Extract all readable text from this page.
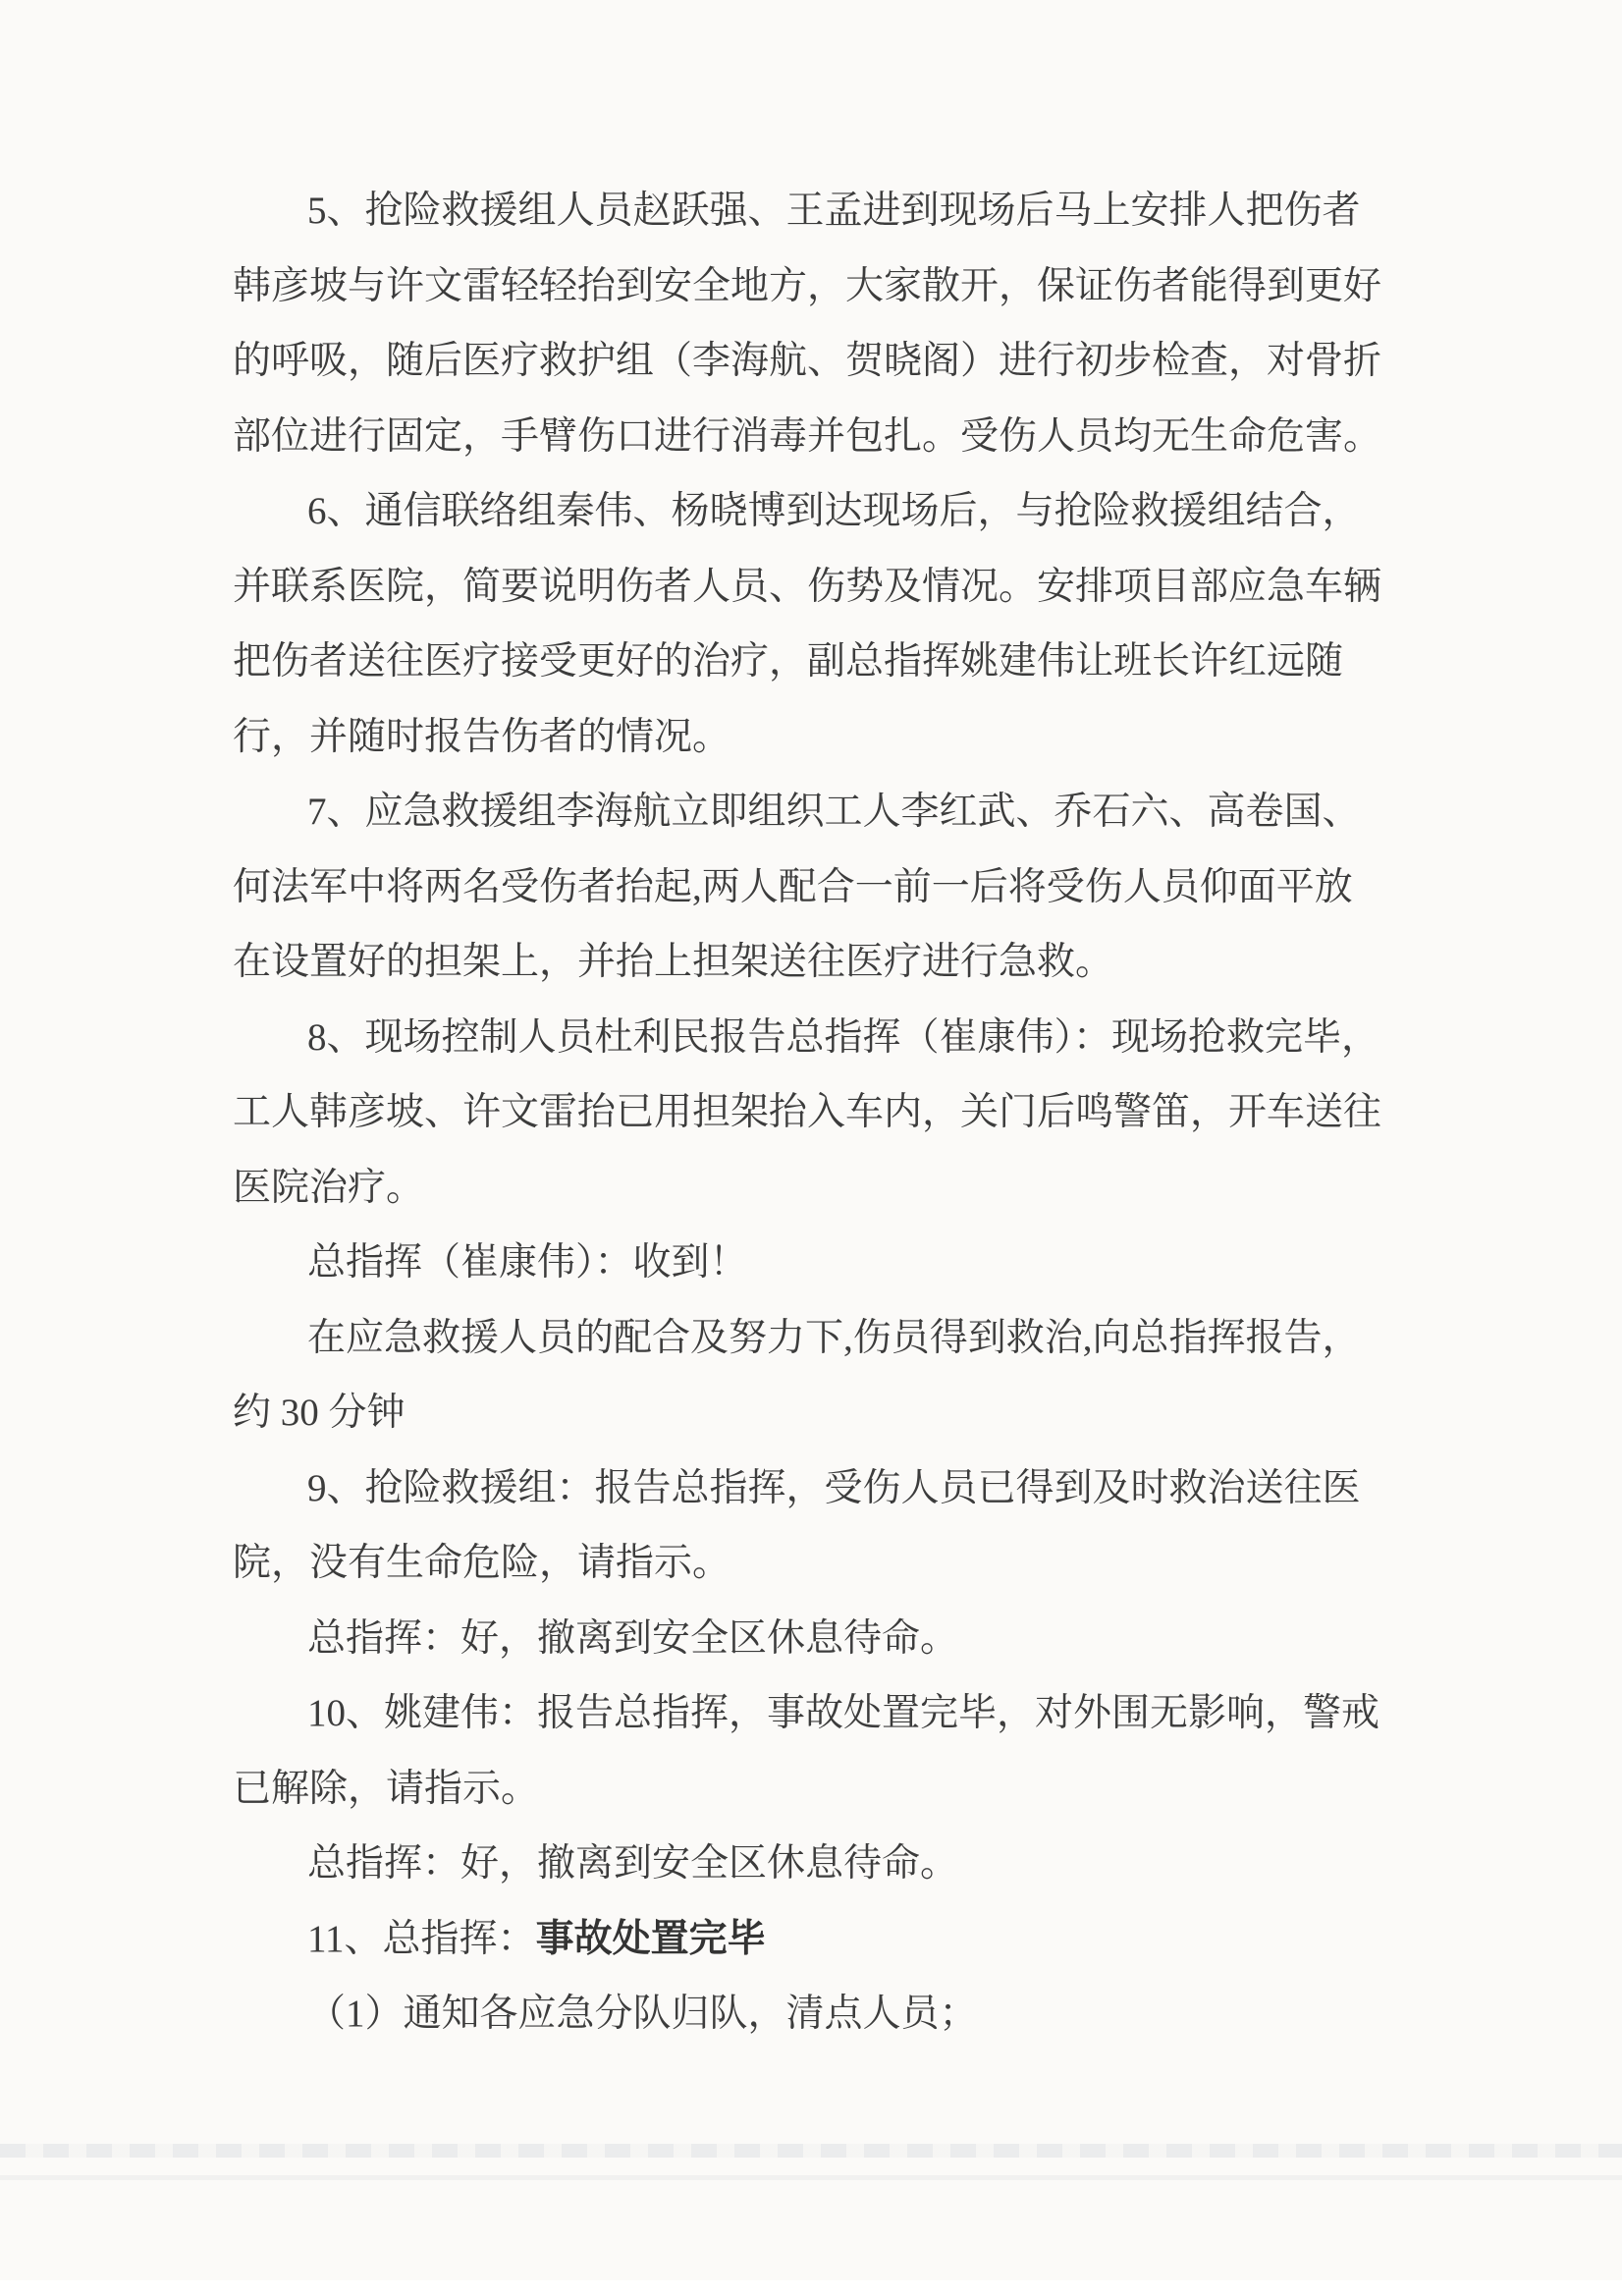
5、抢险救援组人员赵跃强、王孟进到现场后马上安排人把伤者
韩彦坡与许文雷轻轻抬到安全地方，大家散开，保证伤者能得到更好
的呼吸，随后医疗救护组（李海航、贺晓阁）进行初步检查，对骨折
部位进行固定，手臂伤口进行消毒并包扎。受伤人员均无生命危害。
6、通信联络组秦伟、杨晓博到达现场后，与抢险救援组结合，
并联系医院，简要说明伤者人员、伤势及情况。安排项目部应急车辆
把伤者送往医疗接受更好的治疗，副总指挥姚建伟让班长许红远随
行，并随时报告伤者的情况。
7、应急救援组李海航立即组织工人李红武、乔石六、高卷国、
何法军中将两名受伤者抬起,两人配合一前一后将受伤人员仰面平放
在设置好的担架上，并抬上担架送往医疗进行急救。
8、现场控制人员杜利民报告总指挥（崔康伟）：现场抢救完毕，
工人韩彦坡、许文雷抬已用担架抬入车内，关门后鸣警笛，开车送往
医院治疗。
总指挥（崔康伟）：收到！
在应急救援人员的配合及努力下,伤员得到救治,向总指挥报告，
约 30 分钟
9、抢险救援组：报告总指挥，受伤人员已得到及时救治送往医
院，没有生命危险，请指示。
总指挥：好，撤离到安全区休息待命。
10、姚建伟：报告总指挥，事故处置完毕，对外围无影响，警戒
已解除，请指示。
总指挥：好，撤离到安全区休息待命。
11、总指挥：事故处置完毕
（1）通知各应急分队归队，清点人员；
